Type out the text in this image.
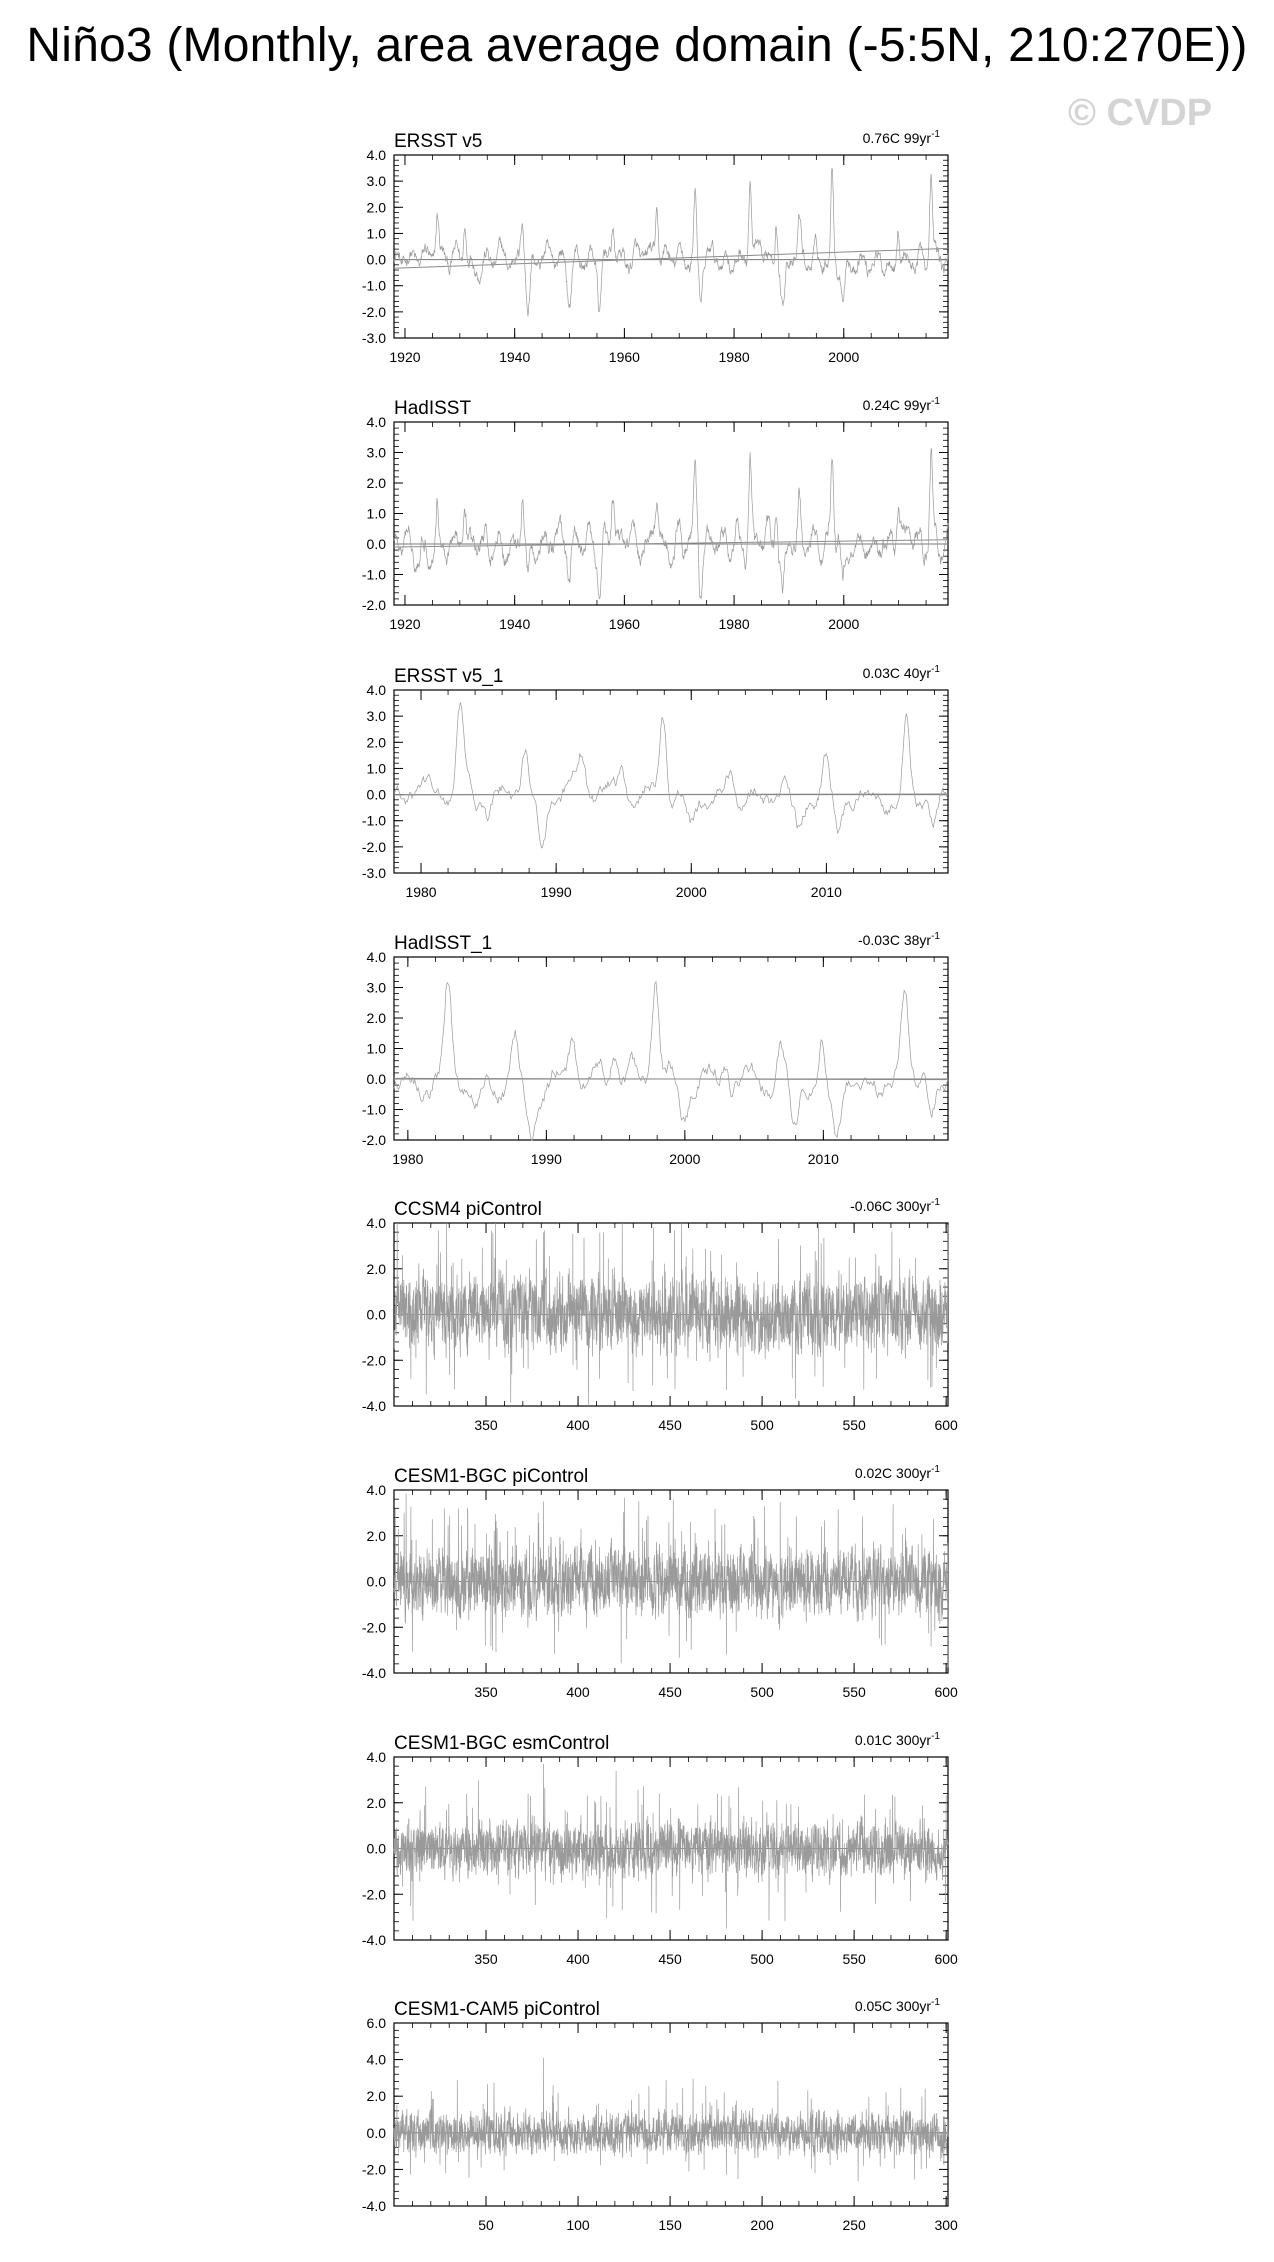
Niño3 (Monthly, area average domain (-5:5N, 210:270E))
© CVDP
ERSST v5	0.76C $99yr^{-1}$
4.0
3.0
2.0
1.0
0.0
-1.0
-2.0
-3.0
1920	1940	1960	1980	2000
HadISST	0.24C $99yr^{-1}$
4.0
3.0
2.0
1.0
0.0
-1.0
-2.0
1920	1940	1960	1980	2000
ERSST v5_1	0.03C $40yr^{-1}$
4.0
3.0
2.0
1.0
0.0
-1.0
-2.0
-3.0
1980	1990	2000	2010
HadISST_1	-0.03C $38yr^{-1}$
4.0
3.0
2.0
1.0
0.0
-1.0
-2.0
1980	1990	2000	2010
CCSM4 piControl	-0.06C $300yr^{-1}$
4.0
2.0
0.0
-2.0
-4.0
350	400	450	500	550	600
CESM1-BGC piControl	0.02C $300yr^{-1}$
4.0
2.0
0.0
-2.0
-4.0
350	400	450	500	550	600
CESM1-BGC esmControl	0.01C $300yr^{-1}$
4.0
2.0
0.0
-2.0
-4.0
350	400	450	500	550	600
CESM1-CAM5 piControl	0.05C $300yr^{-1}$
6.0
4.0
2.0
0.0
-2.0
-4.0
50	100	150	200	250	300
